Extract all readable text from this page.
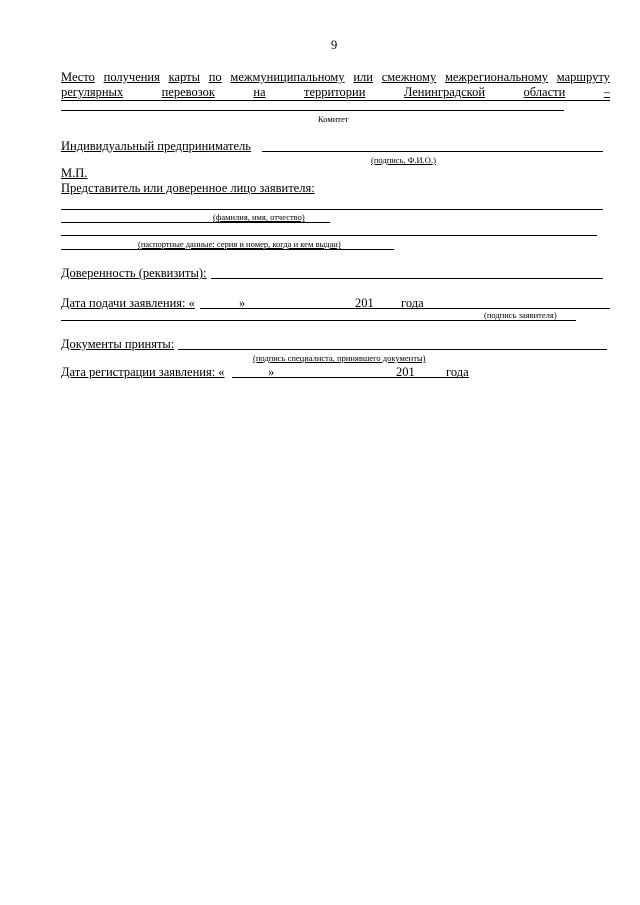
9
Место получения карты по межмуниципальному или смежному межрегиональному маршруту
регулярных	перевозок	на	территории	Ленинградской	области	–
Комитет
Индивидуальный предприниматель
(подпись, Ф.И.О.)
М.П.
Представитель или доверенное лицо заявителя:
(фамилия, имя, отчество)
(паспортные данные: серия и номер, когда и кем выдан)
Доверенность (реквизиты):
Дата подачи заявления: «	»	201 года
(подпись заявителя)
Документы приняты:
(подпись специалиста, принявшего документы)
Дата регистрации заявления: «	»	201	года
